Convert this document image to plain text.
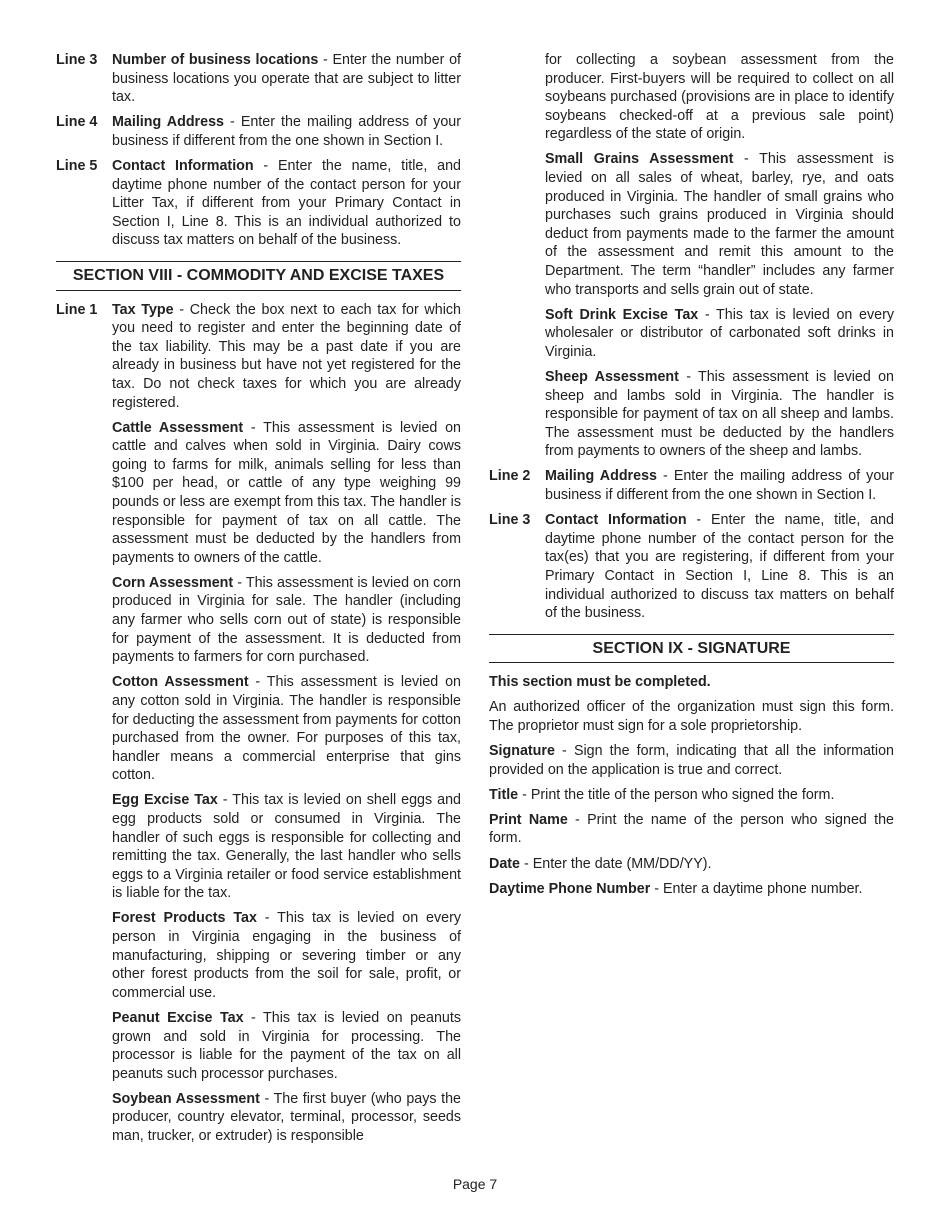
Line 3	Number of business locations - Enter the number of business locations you operate that are subject to litter tax.
Line 4	Mailing Address - Enter the mailing address of your business if different from the one shown in Section I.
Line 5	Contact Information - Enter the name, title, and daytime phone number of the contact person for your Litter Tax, if different from your Primary Contact in Section I, Line 8. This is an individual authorized to discuss tax matters on behalf of the business.
SECTION VIII - COMMODITY AND EXCISE TAXES
Line 1	Tax Type - Check the box next to each tax for which you need to register and enter the beginning date of the tax liability. This may be a past date if you are already in business but have not yet registered for the tax. Do not check taxes for which you are already registered.
Cattle Assessment - This assessment is levied on cattle and calves when sold in Virginia. Dairy cows going to farms for milk, animals selling for less than $100 per head, or cattle of any type weighing 99 pounds or less are exempt from this tax. The handler is responsible for payment of tax on all cattle. The assessment must be deducted by the handlers from payments to owners of the cattle.
Corn Assessment - This assessment is levied on corn produced in Virginia for sale. The handler (including any farmer who sells corn out of state) is responsible for payment of the assessment. It is deducted from payments to farmers for corn purchased.
Cotton Assessment - This assessment is levied on any cotton sold in Virginia. The handler is responsible for deducting the assessment from payments for cotton purchased from the owner. For purposes of this tax, handler means a commercial enterprise that gins cotton.
Egg Excise Tax - This tax is levied on shell eggs and egg products sold or consumed in Virginia. The handler of such eggs is responsible for collecting and remitting the tax. Generally, the last handler who sells eggs to a Virginia retailer or food service establishment is liable for the tax.
Forest Products Tax - This tax is levied on every person in Virginia engaging in the business of manufacturing, shipping or severing timber or any other forest products from the soil for sale, profit, or commercial use.
Peanut Excise Tax - This tax is levied on peanuts grown and sold in Virginia for processing. The processor is liable for the payment of the tax on all peanuts such processor purchases.
Soybean Assessment - The first buyer (who pays the producer, country elevator, terminal, processor, seeds man, trucker, or extruder) is responsible
for collecting a soybean assessment from the producer. First-buyers will be required to collect on all soybeans purchased (provisions are in place to identify soybeans checked-off at a previous sale point) regardless of the state of origin.
Small Grains Assessment - This assessment is levied on all sales of wheat, barley, rye, and oats produced in Virginia. The handler of small grains who purchases such grains produced in Virginia should deduct from payments made to the farmer the amount of the assessment and remit this amount to the Department. The term “handler” includes any farmer who transports and sells grain out of state.
Soft Drink Excise Tax - This tax is levied on every wholesaler or distributor of carbonated soft drinks in Virginia.
Sheep Assessment - This assessment is levied on sheep and lambs sold in Virginia. The handler is responsible for payment of tax on all sheep and lambs. The assessment must be deducted by the handlers from payments to owners of the sheep and lambs.
Line 2	Mailing Address - Enter the mailing address of your business if different from the one shown in Section I.
Line 3	Contact Information - Enter the name, title, and daytime phone number of the contact person for the tax(es) that you are registering, if different from your Primary Contact in Section I, Line 8. This is an individual authorized to discuss tax matters on behalf of the business.
SECTION IX - SIGNATURE
This section must be completed.
An authorized officer of the organization must sign this form. The proprietor must sign for a sole proprietorship.
Signature - Sign the form, indicating that all the information provided on the application is true and correct.
Title - Print the title of the person who signed the form.
Print Name - Print the name of the person who signed the form.
Date - Enter the date (MM/DD/YY).
Daytime Phone Number - Enter a daytime phone number.
Page 7
